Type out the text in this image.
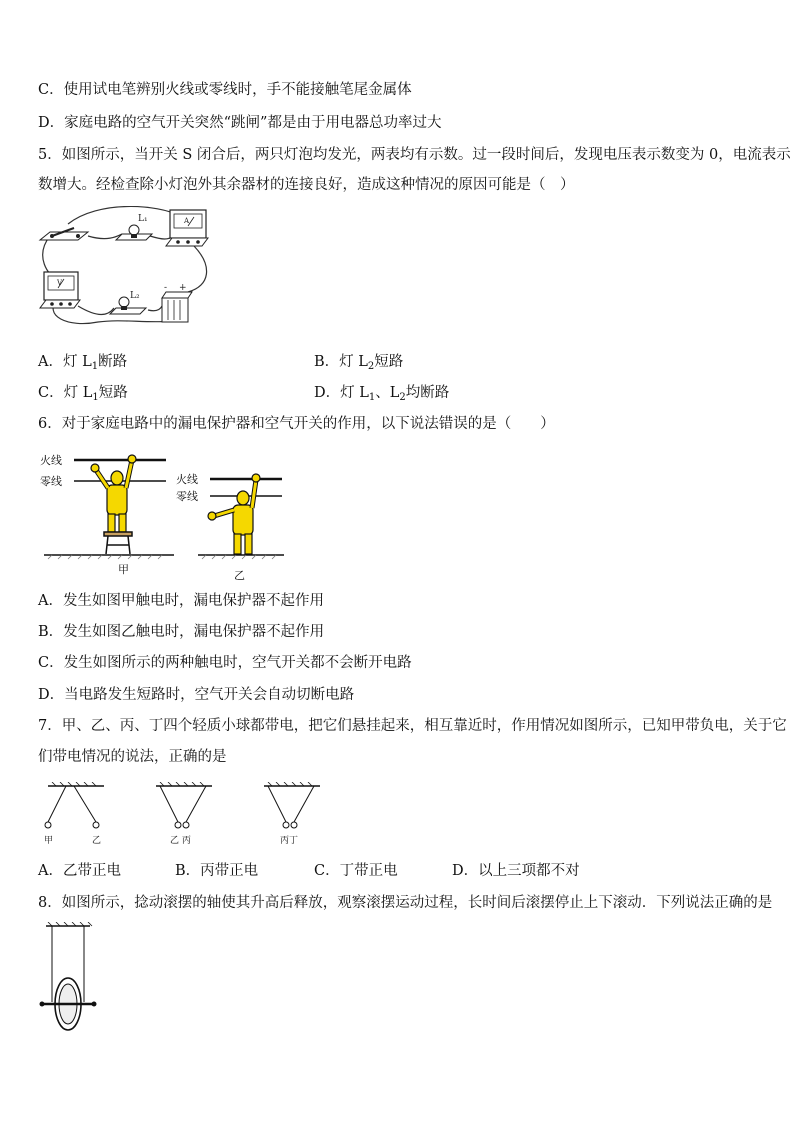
C．使用试电笔辨别火线或零线时，手不能接触笔尾金属体
D．家庭电路的空气开关突然“跳闸”都是由于用电器总功率过大
5．如图所示，当开关 S 闭合后，两只灯泡均发光，两表均有示数。过一段时间后，发现电压表示数变为 0，电流表示
数增大。经检查除小灯泡外其余器材的连接良好，造成这种情况的原因可能是（　）
L₁	A
V
L₂
+
-
A．灯 $L_1$断路	B．灯 $L_2$短路
C．灯 $L_1$短路	D．灯 $L_1$、$L_2$均断路
6．对于家庭电路中的漏电保护器和空气开关的作用，以下说法错误的是（　　）
火线
零线
甲
火线
零线
乙
A．发生如图甲触电时，漏电保护器不起作用
B．发生如图乙触电时，漏电保护器不起作用
C．发生如图所示的两种触电时，空气开关都不会断开电路
D．当电路发生短路时，空气开关会自动切断电路
7．甲、乙、丙、丁四个轻质小球都带电，把它们悬挂起来，相互靠近时，作用情况如图所示，已知甲带负电，关于它
们带电情况的说法，正确的是
甲	乙	乙 丙	丙丁
A．乙带正电	B．丙带正电	C．丁带正电	D．以上三项都不对
8．如图所示，捻动滚摆的轴使其升高后释放，观察滚摆运动过程，长时间后滚摆停止上下滚动．下列说法正确的是
